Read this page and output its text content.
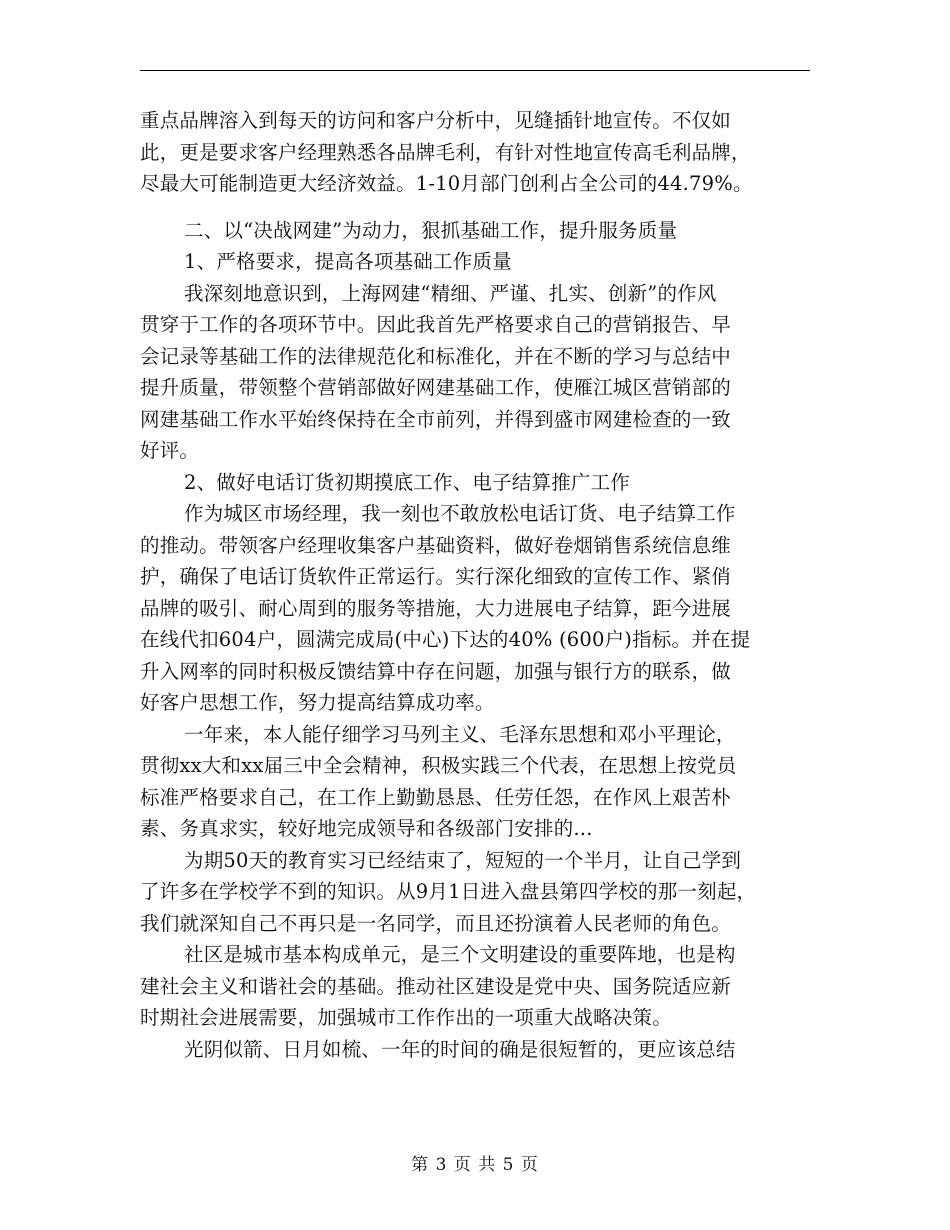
重点品牌溶入到每天的访问和客户分析中，见缝插针地宣传。不仅如
此，更是要求客户经理熟悉各品牌毛利，有针对性地宣传高毛利品牌，
尽最大可能制造更大经济效益。1-10月部门创利占全公司的44.79%。
二、以“决战网建”为动力，狠抓基础工作，提升服务质量
1、严格要求，提高各项基础工作质量
我深刻地意识到，上海网建“精细、严谨、扎实、创新”的作风
贯穿于工作的各项环节中。因此我首先严格要求自己的营销报告、早
会记录等基础工作的法律规范化和标准化，并在不断的学习与总结中
提升质量，带领整个营销部做好网建基础工作，使雁江城区营销部的
网建基础工作水平始终保持在全市前列，并得到盛市网建检查的一致
好评。
2、做好电话订货初期摸底工作、电子结算推广工作
作为城区市场经理，我一刻也不敢放松电话订货、电子结算工作
的推动。带领客户经理收集客户基础资料，做好卷烟销售系统信息维
护，确保了电话订货软件正常运行。实行深化细致的宣传工作、紧俏
品牌的吸引、耐心周到的服务等措施，大力进展电子结算，距今进展
在线代扣604户，圆满完成局(中心)下达的40% (600户)指标。并在提
升入网率的同时积极反馈结算中存在问题，加强与银行方的联系，做
好客户思想工作，努力提高结算成功率。
一年来，本人能仔细学习马列主义、毛泽东思想和邓小平理论，
贯彻xx大和xx届三中全会精神，积极实践三个代表，在思想上按党员
标准严格要求自己，在工作上勤勤恳恳、任劳任怨，在作风上艰苦朴
素、务真求实，较好地完成领导和各级部门安排的...
为期50天的教育实习已经结束了，短短的一个半月，让自己学到
了许多在学校学不到的知识。从9月1日进入盘县第四学校的那一刻起，
我们就深知自己不再只是一名同学，而且还扮演着人民老师的角色。
社区是城市基本构成单元，是三个文明建设的重要阵地，也是构
建社会主义和谐社会的基础。推动社区建设是党中央、国务院适应新
时期社会进展需要，加强城市工作作出的一项重大战略决策。
光阴似箭、日月如梳、一年的时间的确是很短暂的，更应该总结
第 3 页 共 5 页
